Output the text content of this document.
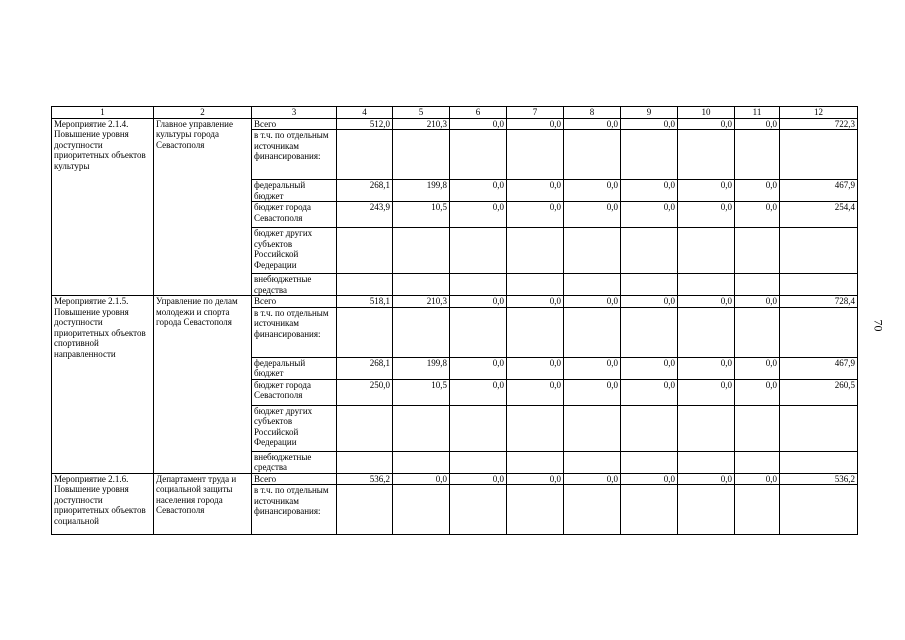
1	2	3	4	5	6	7	8	9	10	11	12

Мероприятие 2.1.4.
Повышение уровня доступности приоритетных объектов культуры	Главное управление культуры города Севастополя	Всего	512,0	210,3	0,0	0,0	0,0	0,0	0,0	0,0	722,3
		в т.ч. по отдельным источникам финансирования:									
		федеральный бюджет	268,1	199,8	0,0	0,0	0,0	0,0	0,0	0,0	467,9
		бюджет города Севастополя	243,9	10,5	0,0	0,0	0,0	0,0	0,0	0,0	254,4
		бюджет других субъектов Российской Федерации									
		внебюджетные средства									

Мероприятие 2.1.5.
Повышение уровня доступности приоритетных объектов спортивной направленности	Управление по делам молодежи и спорта города Севастополя	Всего	518,1	210,3	0,0	0,0	0,0	0,0	0,0	0,0	728,4
		в т.ч. по отдельным источникам финансирования:									
		федеральный бюджет	268,1	199,8	0,0	0,0	0,0	0,0	0,0	0,0	467,9
		бюджет города Севастополя	250,0	10,5	0,0	0,0	0,0	0,0	0,0	0,0	260,5
		бюджет других субъектов Российской Федерации									
		внебюджетные средства									

Мероприятие 2.1.6.
Повышение уровня доступности приоритетных объектов социальной	Департамент труда и социальной защиты населения города Севастополя	Всего	536,2	0,0	0,0	0,0	0,0	0,0	0,0	0,0	536,2
		в т.ч. по отдельным источникам финансирования:									
70
